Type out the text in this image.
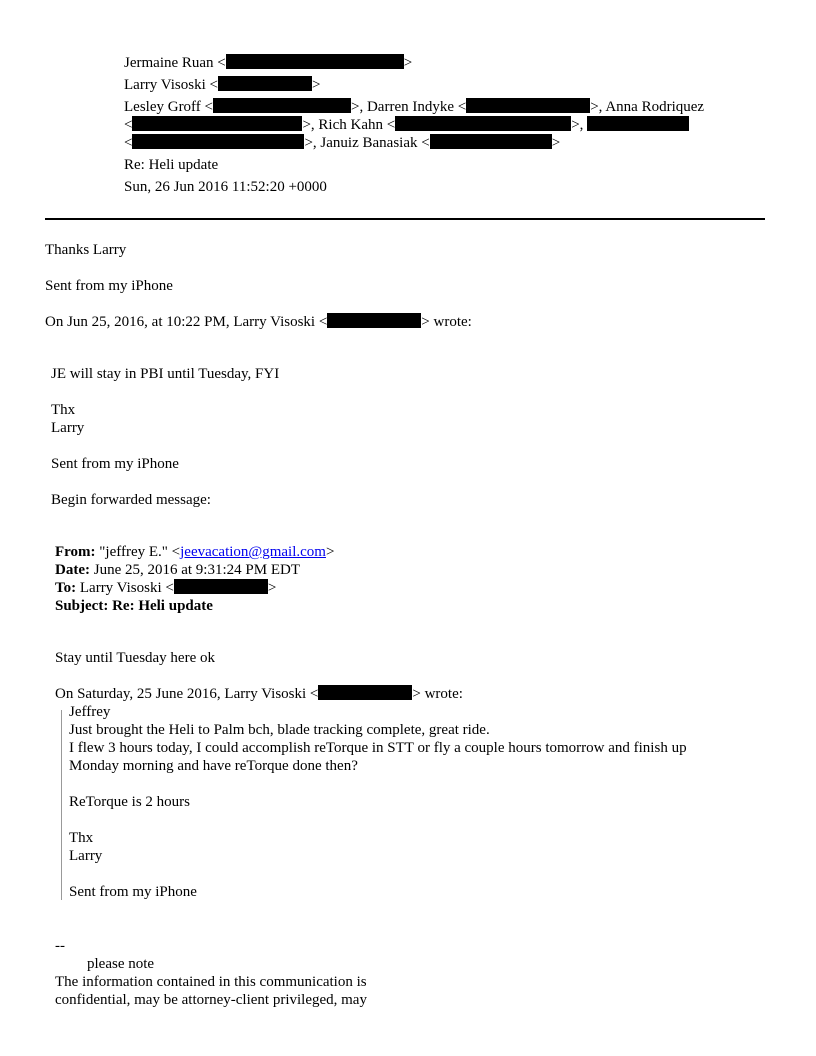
Jermaine Ruan <	>
Larry Visoski <	>
Lesley Groff <	>, Darren Indyke <	>, Anna Rodriquez
<	>, Rich Kahn <	>,
<	>, Januiz Banasiak <	>
Re: Heli update
Sun, 26 Jun 2016 11:52:20 +0000
Thanks Larry
Sent from my iPhone
On Jun 25, 2016, at 10:22 PM, Larry Visoski <	> wrote:
JE will stay in PBI until Tuesday, FYI
Thx
Larry
Sent from my iPhone
Begin forwarded message:
From: "jeffrey E." <jeevacation@gmail.com>
Date: June 25, 2016 at 9:31:24 PM EDT
To: Larry Visoski <	>
Subject: Re: Heli update
Stay until Tuesday here ok
On Saturday, 25 June 2016, Larry Visoski <	> wrote:
Jeffrey
Just brought the Heli to Palm bch, blade tracking complete, great ride.
I flew 3 hours today, I could accomplish reTorque in STT or fly a couple hours tomorrow and finish up
Monday morning and have reTorque done then?
ReTorque is 2 hours
Thx
Larry
Sent from my iPhone
--
please note
The information contained in this communication is
confidential, may be attorney-client privileged, may
